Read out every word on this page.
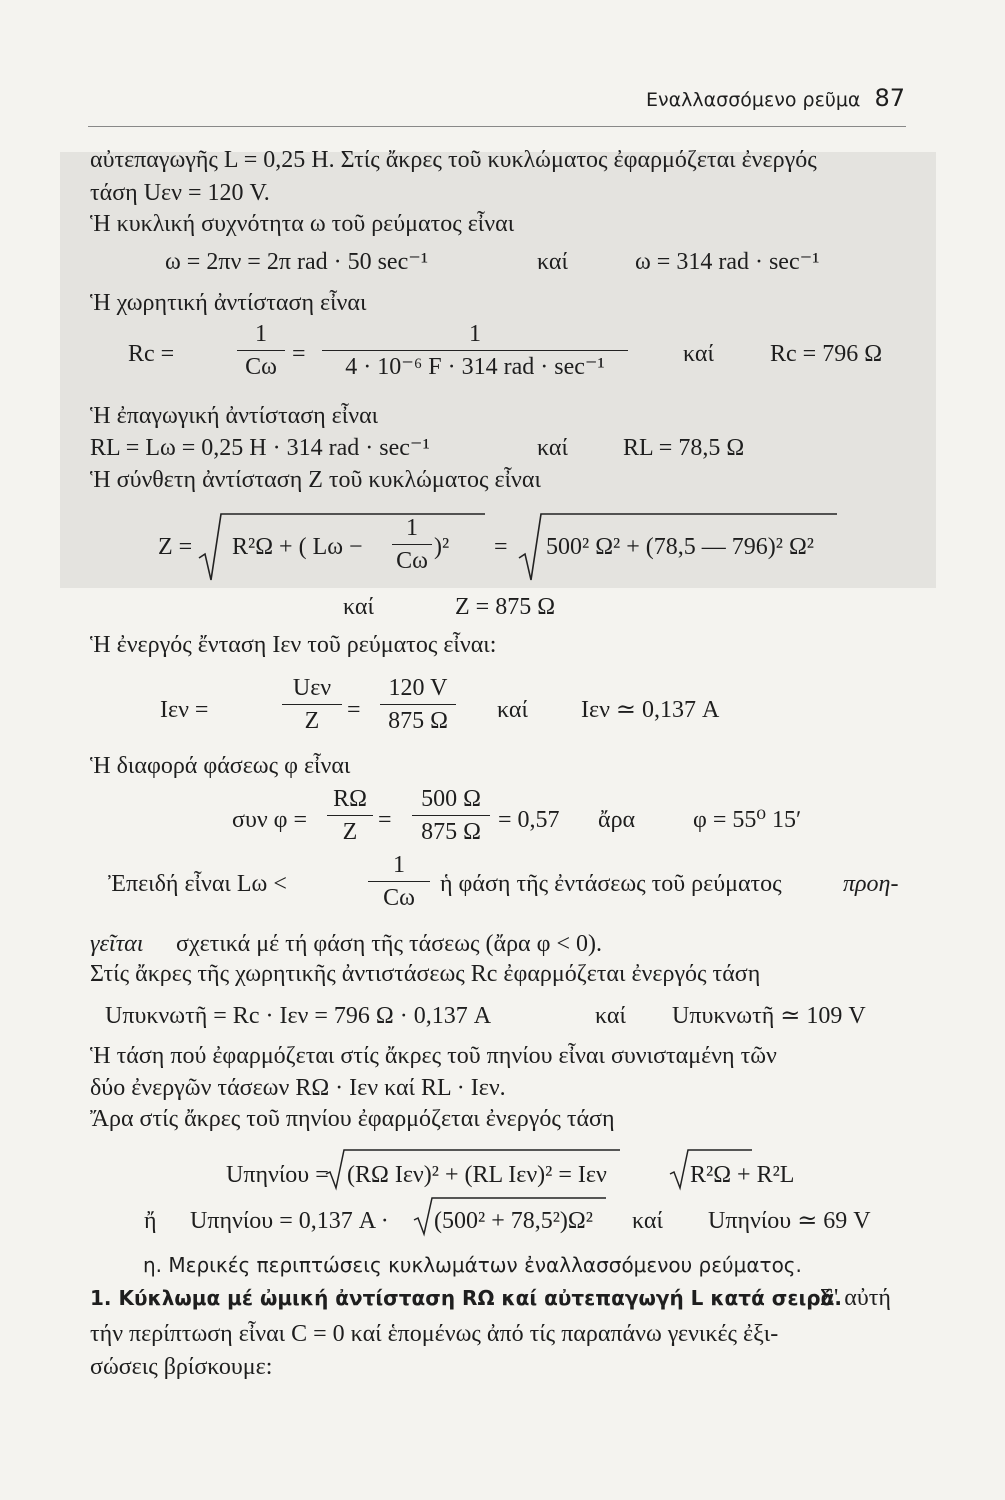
Εναλλασσόμενο ρεῦμα 87
αὐτεπαγωγῆς L = 0,25 H. Στίς ἄκρες τοῦ κυκλώματος ἐφαρμόζεται ἐνεργός
τάση Uεν = 120 V.
Ἡ κυκλική συχνότητα ω τοῦ ρεύματος εἶναι
ω = 2πν = 2π rad · 50 sec⁻¹	καί	ω = 314 rad · sec⁻¹
Ἡ χωρητική ἀντίσταση εἶναι
Rc =
1
Cω =
1
4 · 10⁻⁶ F · 314 rad · sec⁻¹	καί Rc = 796 Ω
Ἡ ἐπαγωγική ἀντίσταση εἶναι
RL = Lω = 0,25 H · 314 rad · sec⁻¹	καί RL = 78,5 Ω
Ἡ σύνθετη ἀντίσταση Z τοῦ κυκλώματος εἶναι
Z = R²Ω + ( Lω −
1
Cω
)² = 500² Ω² + (78,5 — 796)² Ω²
καί	Z = 875 Ω
Ἡ ἐνεργός ἔνταση Iεν τοῦ ρεύματος εἶναι:
Iεν =
Uεν
Z	=
120 V
875 Ω	καί Iεν ≃ 0,137 A
Ἡ διαφορά φάσεως φ εἶναι
συν φ =
RΩ
Z =
500 Ω
875 Ω = 0,57 ἄρα φ = 55⁰ 15ʹ
Ἐπειδή εἶναι Lω <
1
Cω
ἡ φάση τῆς ἐντάσεως τοῦ ρεύματος	προη-
γεῖται σχετικά μέ τή φάση τῆς τάσεως (ἄρα φ < 0).
Στίς ἄκρες τῆς χωρητικῆς ἀντιστάσεως Rc ἐφαρμόζεται ἐνεργός τάση
Uπυκνωτῆ = Rc · Iεν = 796 Ω · 0,137 A	καί Uπυκνωτῆ ≃ 109 V
Ἡ τάση πού ἐφαρμόζεται στίς ἄκρες τοῦ πηνίου εἶναι συνισταμένη τῶν
δύο ἐνεργῶν τάσεων RΩ · Iεν καί RL · Iεν.
Ἄρα στίς ἄκρες τοῦ πηνίου ἐφαρμόζεται ἐνεργός τάση
Uπηνίου = (RΩ Iεν)² + (RL Iεν)² = Iεν	R²Ω + R²L
ἤ Uπηνίου = 0,137 A · (500² + 78,5²)Ω² καί Uπηνίου ≃ 69 V
η. Μερικές περιπτώσεις κυκλωμάτων ἐναλλασσόμενου ρεύματος.
1. Κύκλωμα μέ ὠμική ἀντίσταση RΩ καί αὐτεπαγωγή L κατά σειρά.
Σ' αὐτή
τήν περίπτωση εἶναι C = 0 καί ἑπομένως ἀπό τίς παραπάνω γενικές ἐξι-
σώσεις βρίσκουμε:
